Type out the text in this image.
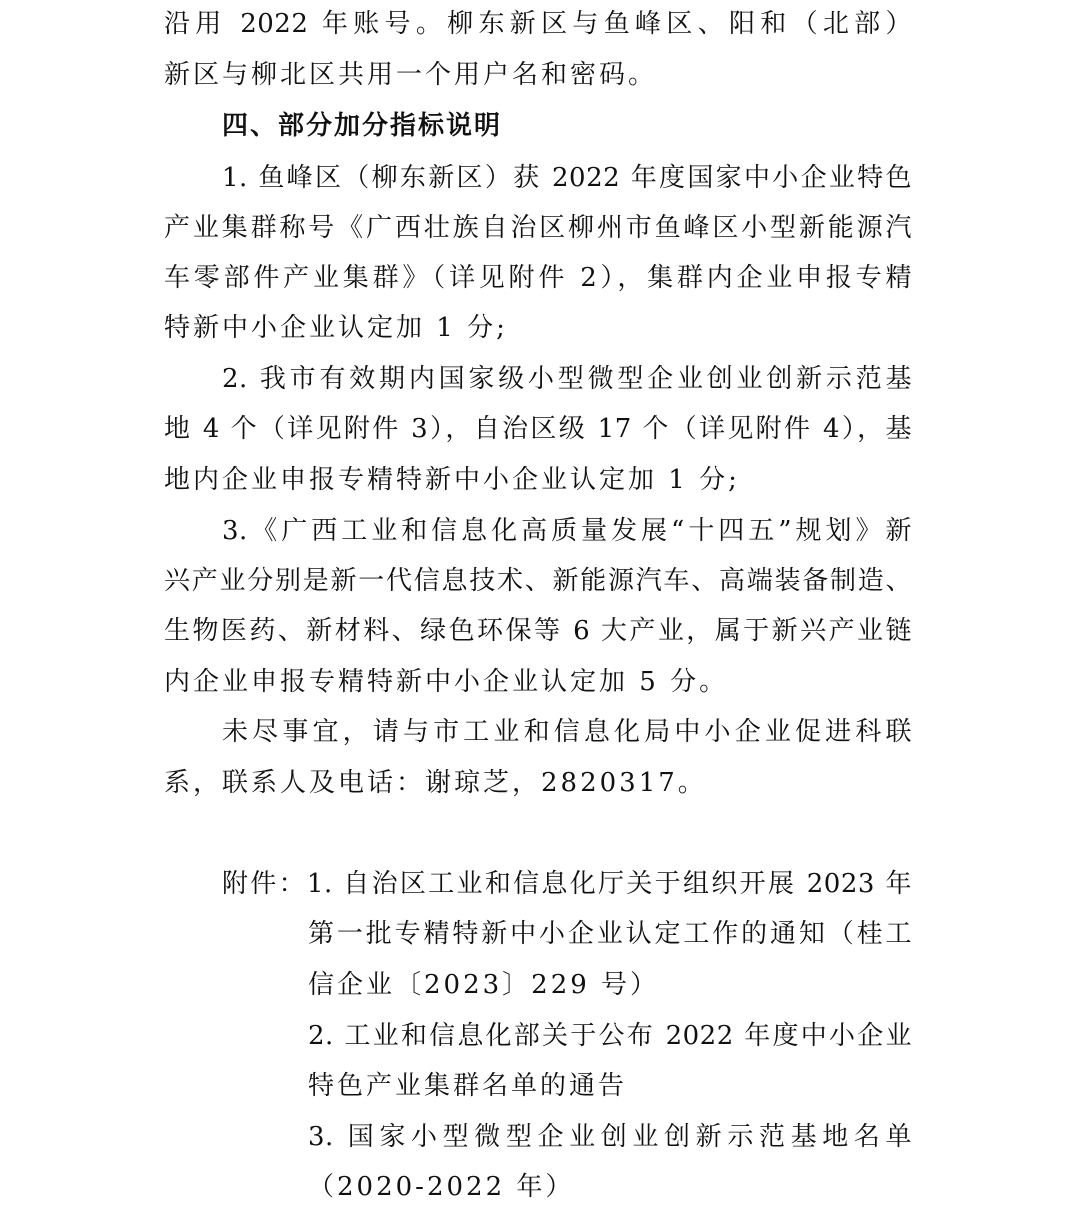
沿用 2022 年账号。柳东新区与鱼峰区、阳和（北部）
新区与柳北区共用一个用户名和密码。
四、部分加分指标说明
1. 鱼峰区（柳东新区）获 2022 年度国家中小企业特色
产业集群称号《广西壮族自治区柳州市鱼峰区小型新能源汽
车零部件产业集群》（详见附件 2），集群内企业申报专精
特新中小企业认定加 1 分;
2. 我市有效期内国家级小型微型企业创业创新示范基
地 4 个（详见附件 3），自治区级 17 个（详见附件 4），基
地内企业申报专精特新中小企业认定加 1 分;
3.《广西工业和信息化高质量发展“十四五”规划》新
兴产业分别是新一代信息技术、新能源汽车、高端装备制造、
生物医药、新材料、绿色环保等 6 大产业，属于新兴产业链
内企业申报专精特新中小企业认定加 5 分。
未尽事宜，请与市工业和信息化局中小企业促进科联
系，联系人及电话：谢琼芝，2820317。
附件：1. 自治区工业和信息化厅关于组织开展 2023 年
第一批专精特新中小企业认定工作的通知（桂工
信企业〔2023〕229 号）
2. 工业和信息化部关于公布 2022 年度中小企业
特色产业集群名单的通告
3. 国家小型微型企业创业创新示范基地名单
（2020-2022 年）
